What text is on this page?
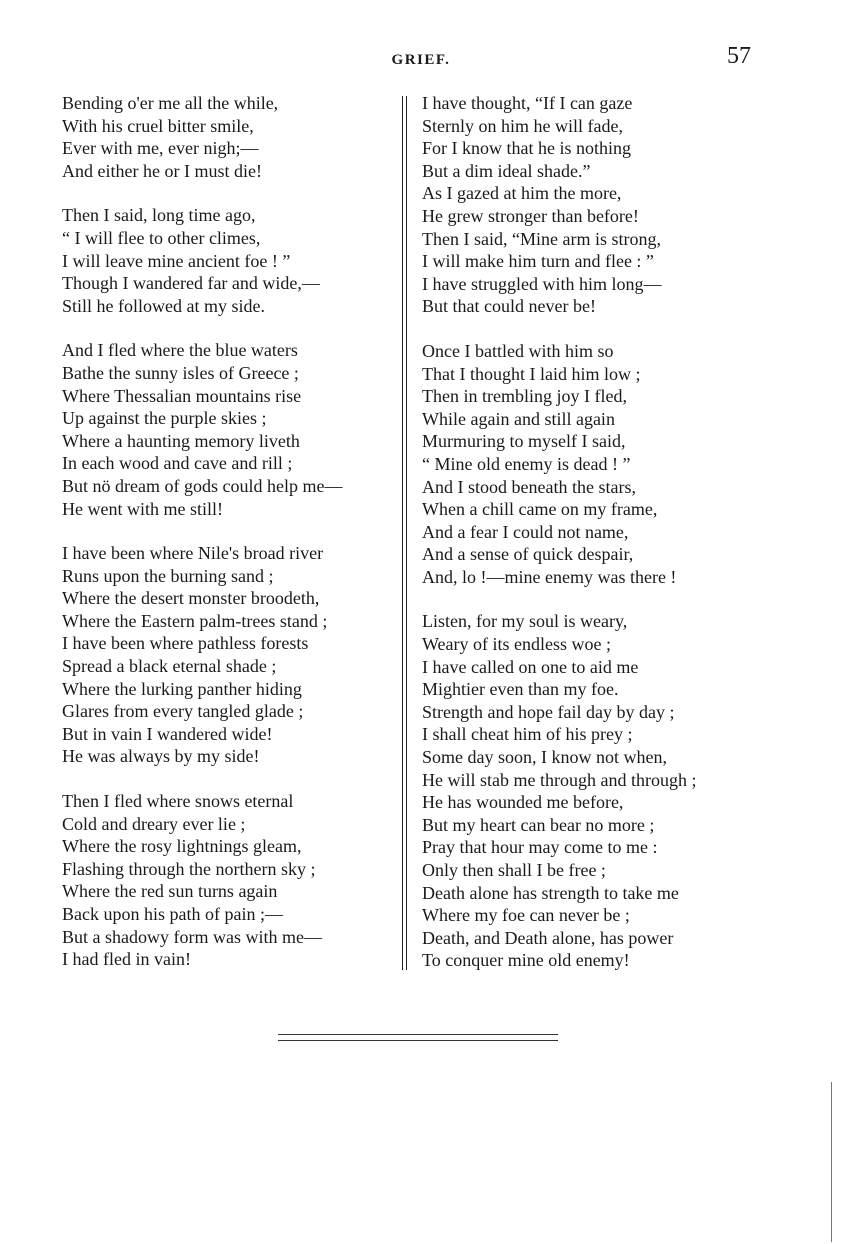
GRIEF.	57
Bending o'er me all the while,
With his cruel bitter smile,
Ever with me, ever nigh;—
And either he or I must die!
Then I said, long time ago,
“ I will flee to other climes,
I will leave mine ancient foe ! ”
Though I wandered far and wide,—
Still he followed at my side.
And I fled where the blue waters
Bathe the sunny isles of Greece ;
Where Thessalian mountains rise
Up against the purple skies ;
Where a haunting memory liveth
In each wood and cave and rill ;
But nö dream of gods could help me—
He went with me still!
I have been where Nile's broad river
Runs upon the burning sand ;
Where the desert monster broodeth,
Where the Eastern palm-trees stand ;
I have been where pathless forests
Spread a black eternal shade ;
Where the lurking panther hiding
Glares from every tangled glade ;
But in vain I wandered wide!
He was always by my side!
Then I fled where snows eternal
Cold and dreary ever lie ;
Where the rosy lightnings gleam,
Flashing through the northern sky ;
Where the red sun turns again
Back upon his path of pain ;—
But a shadowy form was with me—
I had fled in vain!
I have thought, “If I can gaze
Sternly on him he will fade,
For I know that he is nothing
But a dim ideal shade.”
As I gazed at him the more,
He grew stronger than before!
Then I said, “Mine arm is strong,
I will make him turn and flee : ”
I have struggled with him long—
But that could never be!
Once I battled with him so
That I thought I laid him low ;
Then in trembling joy I fled,
While again and still again
Murmuring to myself I said,
“ Mine old enemy is dead ! ”
And I stood beneath the stars,
When a chill came on my frame,
And a fear I could not name,
And a sense of quick despair,
And, lo !—mine enemy was there !
Listen, for my soul is weary,
Weary of its endless woe ;
I have called on one to aid me
Mightier even than my foe.
Strength and hope fail day by day ;
I shall cheat him of his prey ;
Some day soon, I know not when,
He will stab me through and through ;
He has wounded me before,
But my heart can bear no more ;
Pray that hour may come to me :
Only then shall I be free ;
Death alone has strength to take me
Where my foe can never be ;
Death, and Death alone, has power
To conquer mine old enemy!
